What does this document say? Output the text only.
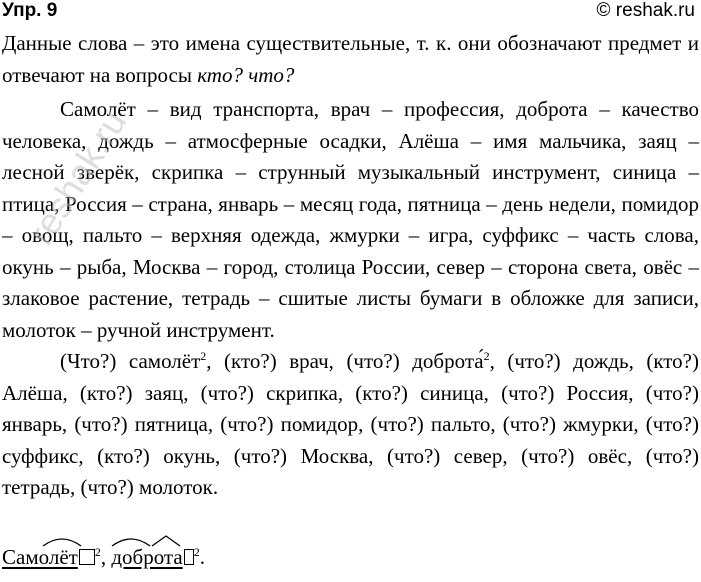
Упр. 9	© reshak.ru
Данные слова – это имена существительные, т. к. они обозначают предмет и отвечают на вопросы кто? что?
Самолёт – вид транспорта, врач – профессия, доброта – качество человека, дождь – атмосферные осадки, Алёша – имя мальчика, заяц – лесной зверёк, скрипка – струнный музыкальный инструмент, синица – птица, Россия – страна, январь – месяц года, пятница – день недели, помидор – овощ, пальто – верхняя одежда, жмурки – игра, суффикс – часть слова, окунь – рыба, Москва – город, столица России, север – сторона света, овёс – злаковое растение, тетрадь – сшитые листы бумаги в обложке для записи, молоток – ручной инструмент.
(Что?) самолёт$^2$, (кто?) врач, (что?) доброта́$^2$, (что?) дождь, (кто?) Алёша, (кто?) заяц, (что?) скрипка, (кто?) синица, (что?) Россия, (что?) январь, (что?) пятница, (что?) помидор, (что?) пальто, (что?) жмурки, (что?) суффикс, (кто?) окунь, (что?) Москва, (что?) север, (что?) овёс, (что?) тетрадь, (что?) молоток.
reshak.ru
Самолёт $^2$, доброта $^2$.
